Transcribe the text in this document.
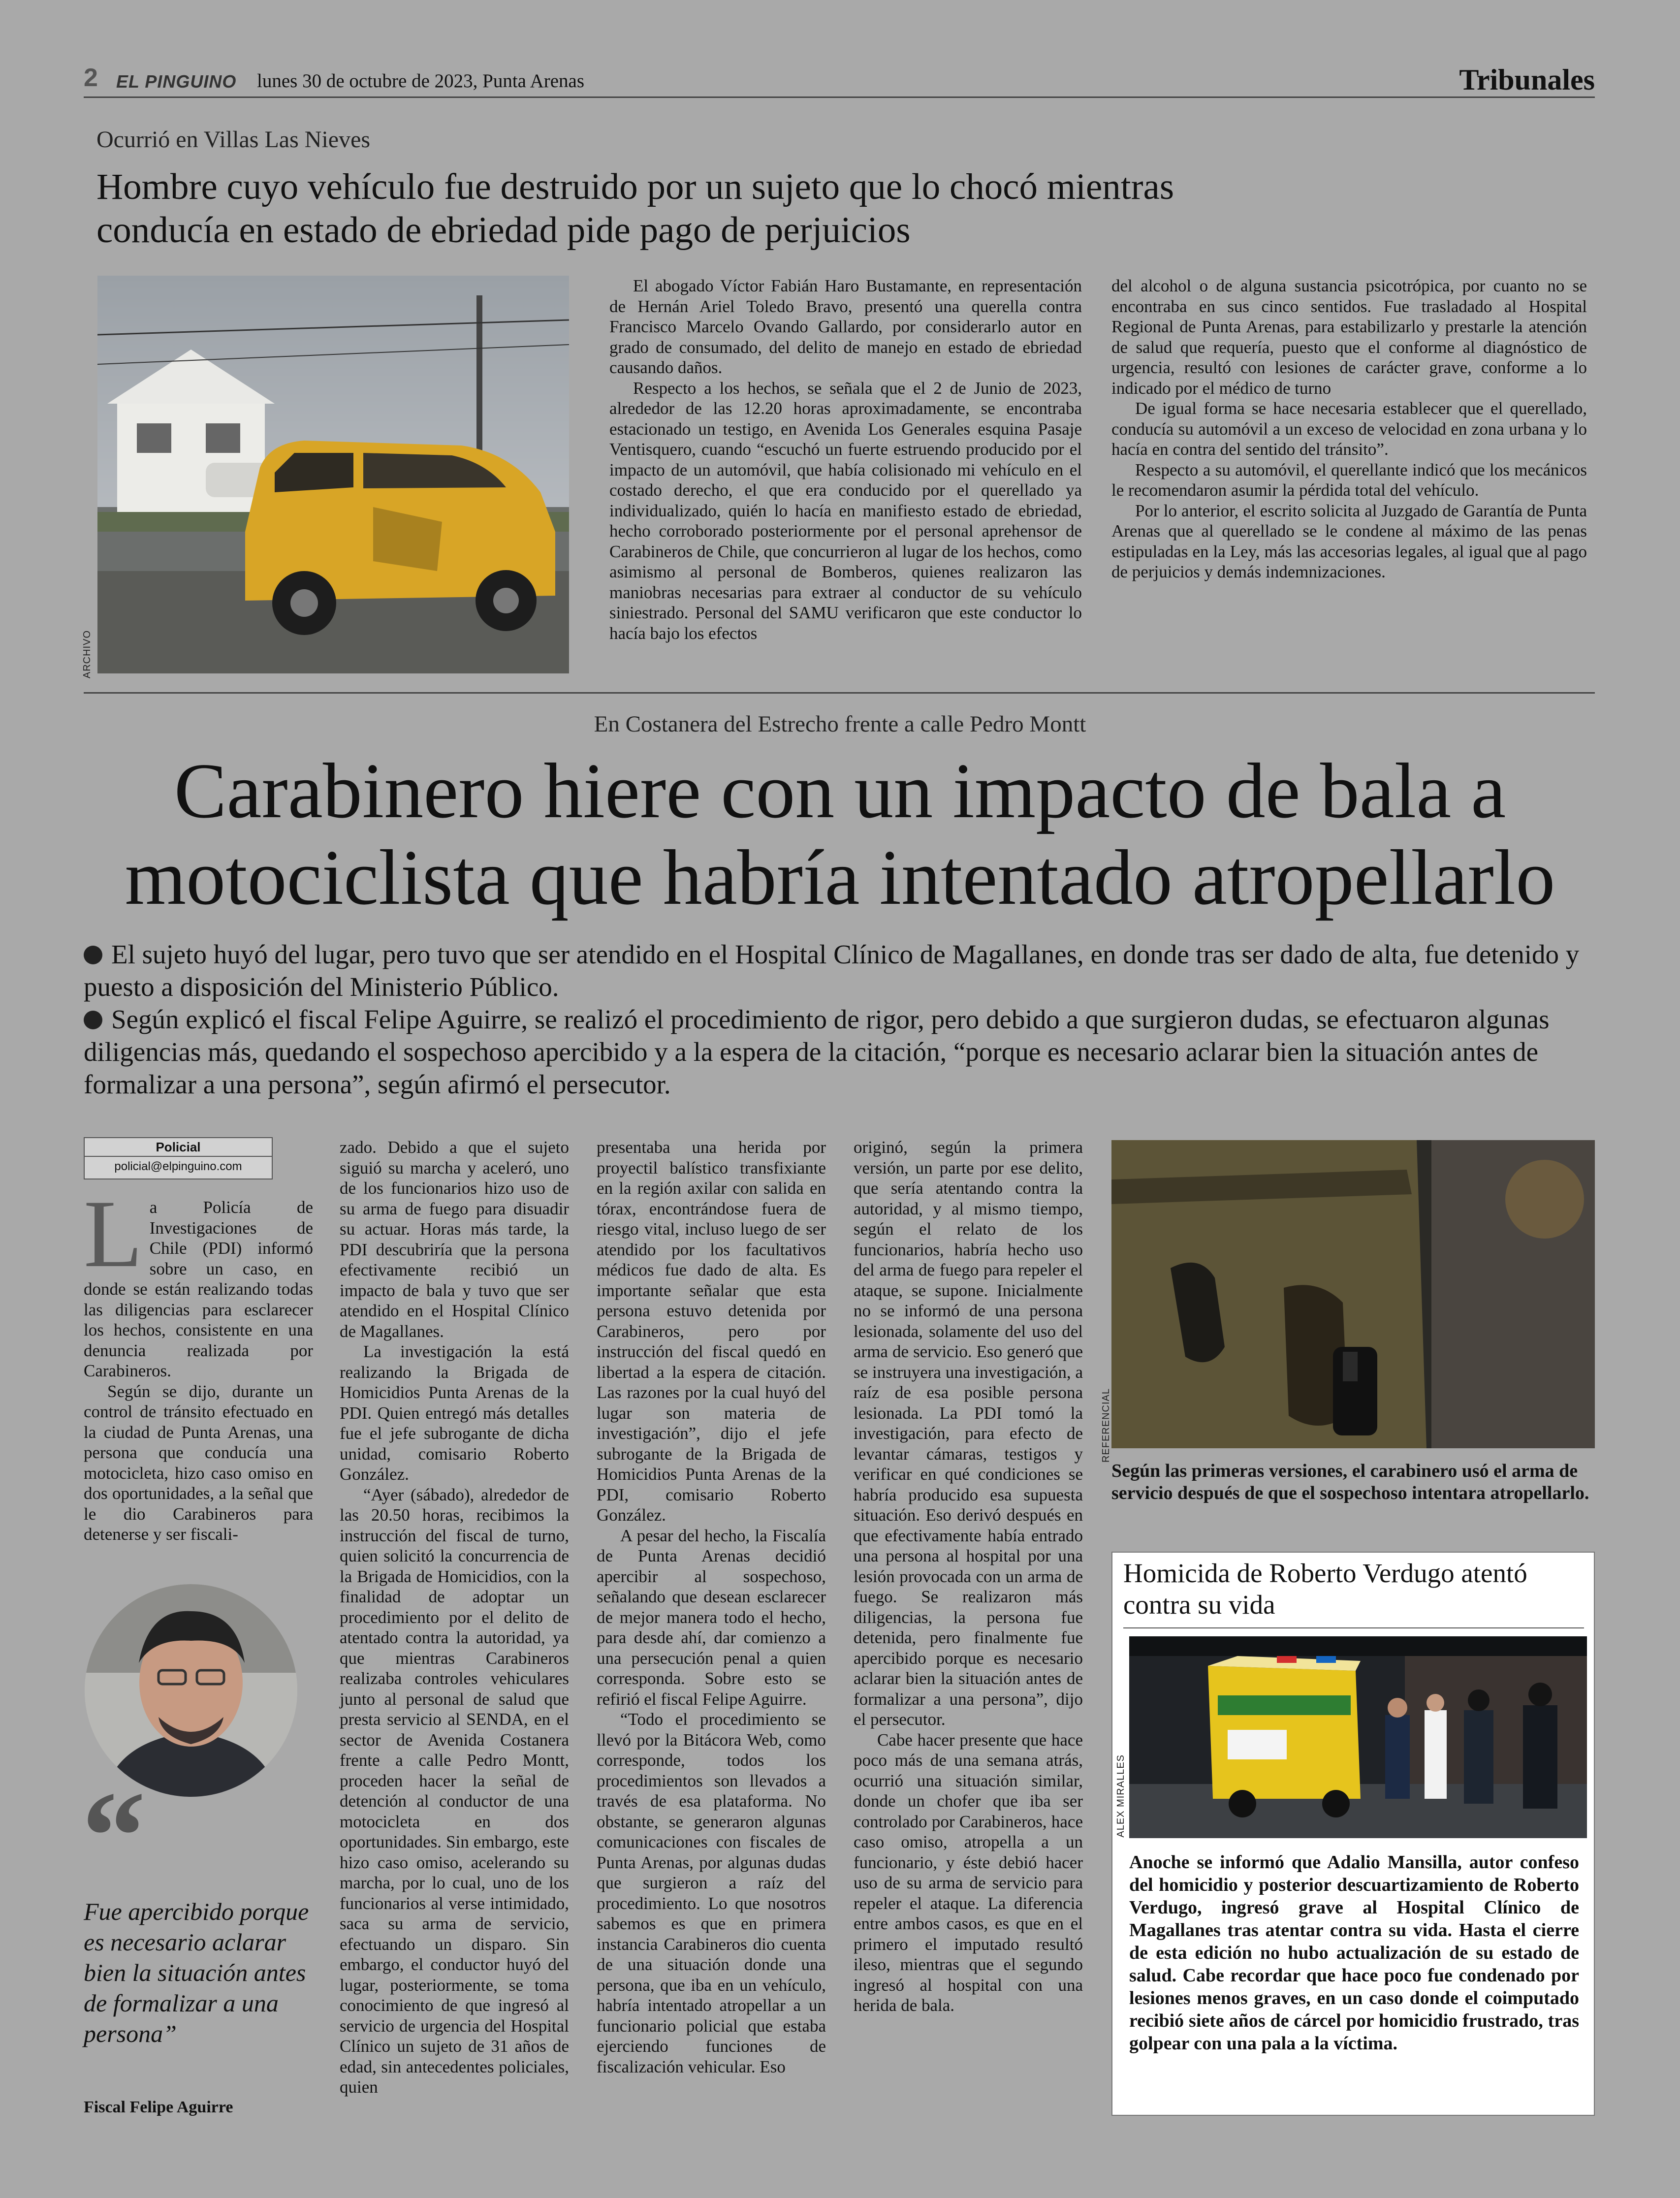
2 EL PINGUINO lunes 30 de octubre de 2023, Punta Arenas	Tribunales
Ocurrió en Villas Las Nieves
Hombre cuyo vehículo fue destruido por un sujeto que lo chocó mientras conducía en estado de ebriedad pide pago de perjuicios
ARCHIVO

El abogado Víctor Fabián Haro Bustamante, en representación de Hernán Ariel Toledo Bravo, presentó una querella contra Francisco Marcelo Ovando Gallardo, por considerarlo autor en grado de consumado, del delito de manejo en estado de ebriedad causando daños.

Respecto a los hechos, se señala que el 2 de Junio de 2023, alrededor de las 12.20 horas aproximadamente, se encontraba estacionado un testigo, en Avenida Los Generales esquina Pasaje Ventisquero, cuando “escuchó un fuerte estruendo producido por el impacto de un automóvil, que había colisionado mi vehículo en el costado derecho, el que era conducido por el querellado ya individualizado, quién lo hacía en manifiesto estado de ebriedad, hecho corroborado posteriormente por el personal aprehensor de Carabineros de Chile, que concurrieron al lugar de los hechos, como asimismo al personal de Bomberos, quienes realizaron las maniobras necesarias para extraer al conductor de su vehículo siniestrado. Personal del SAMU verificaron que este conductor lo hacía bajo los efectos

del alcohol o de alguna sustancia psicotrópica, por cuanto no se encontraba en sus cinco sentidos. Fue trasladado al Hospital Regional de Punta Arenas, para estabilizarlo y prestarle la atención de salud que requería, puesto que el conforme al diagnóstico de urgencia, resultó con lesiones de carácter grave, conforme a lo indicado por el médico de turno

De igual forma se hace necesaria establecer que el querellado, conducía su automóvil a un exceso de velocidad en zona urbana y lo hacía en contra del sentido del tránsito”.

Respecto a su automóvil, el querellante indicó que los mecánicos le recomendaron asumir la pérdida total del vehículo.

Por lo anterior, el escrito solicita al Juzgado de Garantía de Punta Arenas que al querellado se le condene al máximo de las penas estipuladas en la Ley, más las accesorias legales, al igual que al pago de perjuicios y demás indemnizaciones.

En Costanera del Estrecho frente a calle Pedro Montt
Carabinero hiere con un impacto de bala a
motociclista que habría intentado atropellarlo
El sujeto huyó del lugar, pero tuvo que ser atendido en el Hospital Clínico de Magallanes, en donde tras ser dado de alta, fue detenido y puesto a disposición del Ministerio Público.
Según explicó el fiscal Felipe Aguirre, se realizó el procedimiento de rigor, pero debido a que surgieron dudas, se efectuaron algunas diligencias más, quedando el sospechoso apercibido y a la espera de la citación, “porque es necesario aclarar bien la situación antes de formalizar a una persona”, según afirmó el persecutor.
Policial
policial@elpinguino.com
L a Policía de Investigaciones de Chile (PDI) informó sobre un caso, en donde se están realizando todas las diligencias para esclarecer los hechos, consistente en una denuncia realizada por Carabineros.

Según se dijo, durante un control de tránsito efectuado en la ciudad de Punta Arenas, una persona que conducía una motocicleta, hizo caso omiso en dos oportunidades, a la señal que le dio Carabineros para detenerse y ser fiscali-

“
Fue apercibido porque es necesario aclarar bien la situación antes de formalizar a una persona”
Fiscal Felipe Aguirre

zado. Debido a que el sujeto siguió su marcha y aceleró, uno de los funcionarios hizo uso de su arma de fuego para disuadir su actuar. Horas más tarde, la PDI descubriría que la persona efectivamente recibió un impacto de bala y tuvo que ser atendido en el Hospital Clínico de Magallanes.

La investigación la está realizando la Brigada de Homicidios Punta Arenas de la PDI. Quien entregó más detalles fue el jefe subrogante de dicha unidad, comisario Roberto González.

“Ayer (sábado), alrededor de las 20.50 horas, recibimos la instrucción del fiscal de turno, quien solicitó la concurrencia de la Brigada de Homicidios, con la finalidad de adoptar un procedimiento por el delito de atentado contra la autoridad, ya que mientras Carabineros realizaba controles vehiculares junto al personal de salud que presta servicio al SENDA, en el sector de Avenida Costanera frente a calle Pedro Montt, proceden hacer la señal de detención al conductor de una motocicleta en dos oportunidades. Sin embargo, este hizo caso omiso, acelerando su marcha, por lo cual, uno de los funcionarios al verse intimidado, saca su arma de servicio, efectuando un disparo. Sin embargo, el conductor huyó del lugar, posteriormente, se toma conocimiento de que ingresó al servicio de urgencia del Hospital Clínico un sujeto de 31 años de edad, sin antecedentes policiales, quien

presentaba una herida por proyectil balístico transfixiante en la región axilar con salida en tórax, encontrándose fuera de riesgo vital, incluso luego de ser atendido por los facultativos médicos fue dado de alta. Es importante señalar que esta persona estuvo detenida por Carabineros, pero por instrucción del fiscal quedó en libertad a la espera de citación. Las razones por la cual huyó del lugar son materia de investigación”, dijo el jefe subrogante de la Brigada de Homicidios Punta Arenas de la PDI, comisario Roberto González.

A pesar del hecho, la Fiscalía de Punta Arenas decidió apercibir al sospechoso, señalando que desean esclarecer de mejor manera todo el hecho, para desde ahí, dar comienzo a una persecución penal a quien corresponda. Sobre esto se refirió el fiscal Felipe Aguirre.

“Todo el procedimiento se llevó por la Bitácora Web, como corresponde, todos los procedimientos son llevados a través de esa plataforma. No obstante, se generaron algunas comunicaciones con fiscales de Punta Arenas, por algunas dudas que surgieron a raíz del procedimiento. Lo que nosotros sabemos es que en primera instancia Carabineros dio cuenta de una situación donde una persona, que iba en un vehículo, habría intentado atropellar a un funcionario policial que estaba ejerciendo funciones de fiscalización vehicular. Eso

originó, según la primera versión, un parte por ese delito, que sería atentando contra la autoridad, y al mismo tiempo, según el relato de los funcionarios, habría hecho uso del arma de fuego para repeler el ataque, se supone. Inicialmente no se informó de una persona lesionada, solamente del uso del arma de servicio. Eso generó que se instruyera una investigación, a raíz de esa posible persona lesionada. La PDI tomó la investigación, para efecto de levantar cámaras, testigos y verificar en qué condiciones se habría producido esa supuesta situación. Eso derivó después en que efectivamente había entrado una persona al hospital por una lesión provocada con un arma de fuego. Se realizaron más diligencias, la persona fue detenida, pero finalmente fue apercibido porque es necesario aclarar bien la situación antes de formalizar a una persona”, dijo el persecutor.

Cabe hacer presente que hace poco más de una semana atrás, ocurrió una situación similar, donde un chofer que iba ser controlado por Carabineros, hace caso omiso, atropella a un funcionario, y éste debió hacer uso de su arma de servicio para repeler el ataque. La diferencia entre ambos casos, es que en el primero el imputado resultó ileso, mientras que el segundo ingresó al hospital con una herida de bala.

REFERENCIAL
Según las primeras versiones, el carabinero usó el arma de servicio después de que el sospechoso intentara atropellarlo.
Homicida de Roberto Verdugo atentó contra su vida
ALEX MIRALLES
Anoche se informó que Adalio Mansilla, autor confeso del homicidio y posterior descuartizamiento de Roberto Verdugo, ingresó grave al Hospital Clínico de Magallanes tras atentar contra su vida. Hasta el cierre de esta edición no hubo actualización de su estado de salud. Cabe recordar que hace poco fue condenado por lesiones menos graves, en un caso donde el coimputado recibió siete años de cárcel por homicidio frustrado, tras golpear con una pala a la víctima.
